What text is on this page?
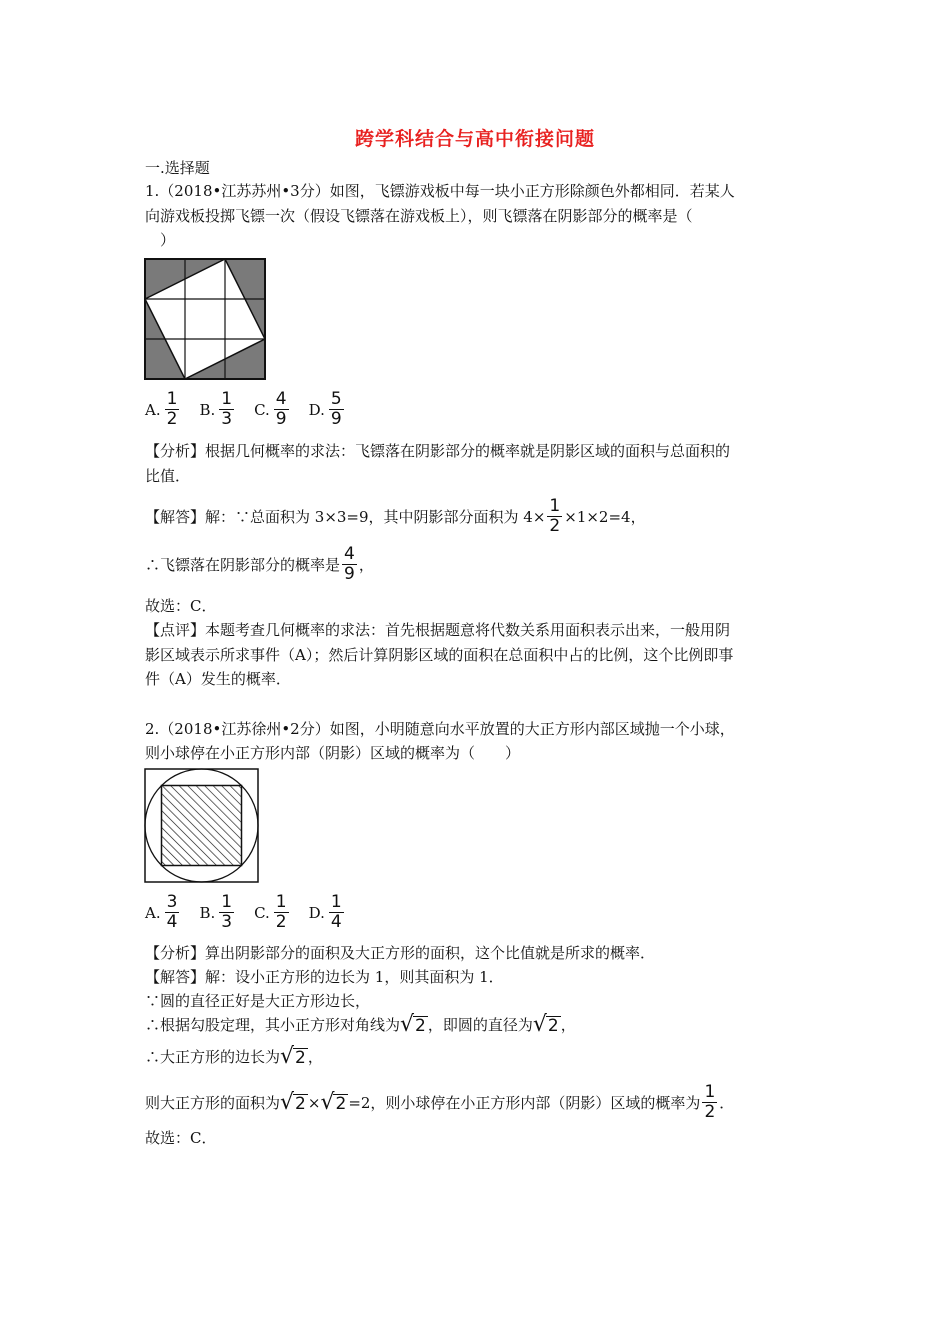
跨学科结合与高中衔接问题
一.选择题
1.（2018•江苏苏州•3分）如图，飞镖游戏板中每一块小正方形除颜色外都相同．若某人
向游戏板投掷飞镖一次（假设飞镖落在游戏板上），则飞镖落在阴影部分的概率是（
　）
A. $\frac{1}{2} B$. $\frac{1}{3} C$. $\frac{4}{9} D$. $\frac{5}{9}$
【分析】根据几何概率的求法：飞镖落在阴影部分的概率就是阴影区域的面积与总面积的
比值．
【解答】解：∵总面积为 3×3=9，其中阴影部分面积为 $4\times \frac{1}{2} \times 1\times 2=4$，
∴飞镖落在阴影部分的概率是 $\frac{4}{9}$ ，
故选：C．
【点评】本题考查几何概率的求法：首先根据题意将代数关系用面积表示出来，一般用阴
影区域表示所求事件（A）；然后计算阴影区域的面积在总面积中占的比例，这个比例即事
件（A）发生的概率．
2.（2018•江苏徐州•2分）如图，小明随意向水平放置的大正方形内部区域抛一个小球，
则小球停在小正方形内部（阴影）区域的概率为（　　）
A. $\frac{3}{4} B$. $\frac{1}{3} C$. $\frac{1}{2} D$. $\frac{1}{4}$
【分析】算出阴影部分的面积及大正方形的面积，这个比值就是所求的概率．
【解答】解：设小正方形的边长为 1，则其面积为 1．
∵圆的直径正好是大正方形边长，
∴根据勾股定理，其小正方形对角线为 √ 2 ，即圆的直径为 √ 2 ，
∴大正方形的边长为 √ 2 ，
则大正方形的面积为 √ 2 × √ 2 =2，则小球停在小正方形内部（阴影）区域的概率为 $\frac{1}{2}$ ．
故选：C．
